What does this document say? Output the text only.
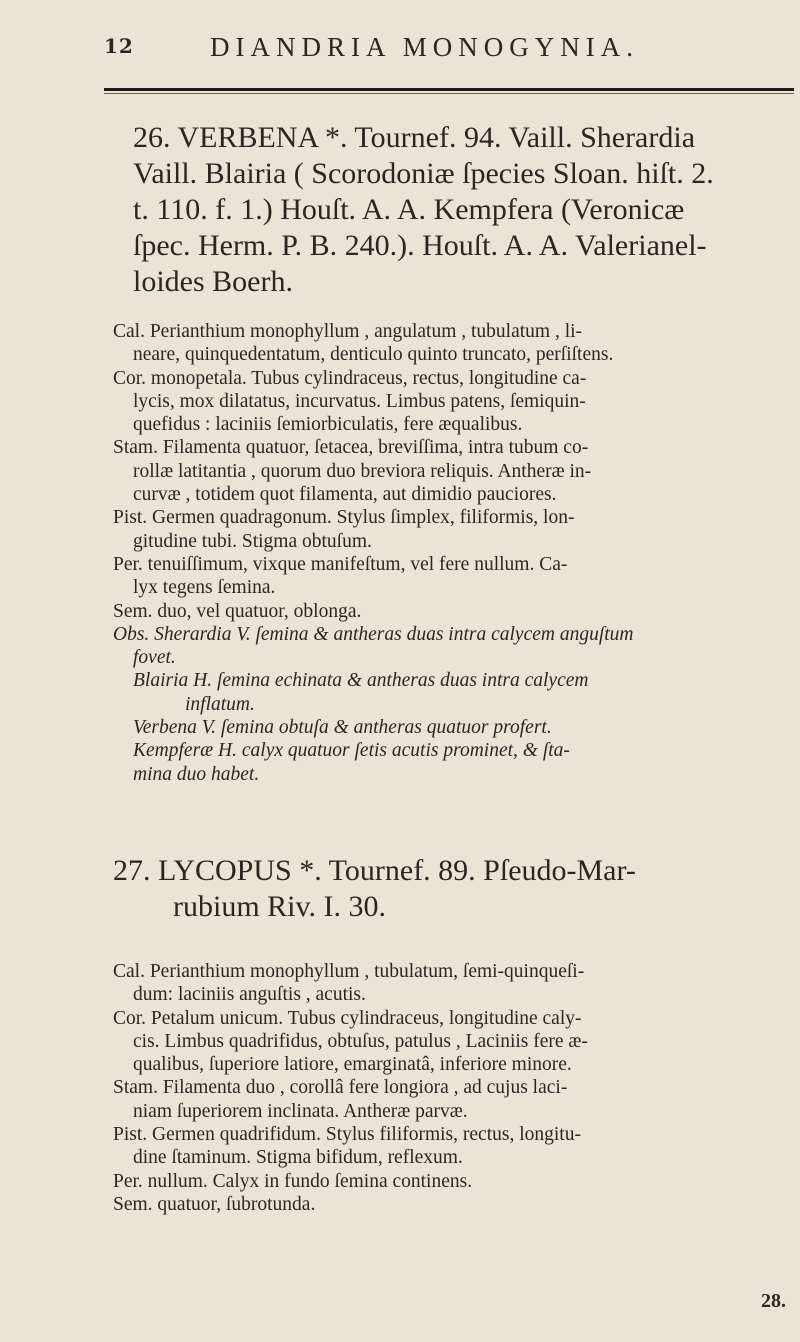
12	DIANDRIA MONOGYNIA.
26. VERBENA *. Tournef. 94. Vaill. Sherardia
Vaill. Blairia ( Scorodoniæ ſpecies Sloan. hiſt. 2.
t. 110. f. 1.) Houſt. A. A. Kempfera (Veronicæ
ſpec. Herm. P. B. 240.). Houſt. A. A. Valerianel-
loides Boerh.
Cal. Perianthium monophyllum , angulatum , tubulatum , li-
neare, quinquedentatum, denticulo quinto truncato, perſiſtens.
Cor. monopetala. Tubus cylindraceus, rectus, longitudine ca-
lycis, mox dilatatus, incurvatus. Limbus patens, ſemiquin-
quefidus : laciniis ſemiorbiculatis, fere æqualibus.
Stam. Filamenta quatuor, ſetacea, breviſſima, intra tubum co-
rollæ latitantia , quorum duo breviora reliquis. Antheræ in-
curvæ , totidem quot filamenta, aut dimidio pauciores.
Pist. Germen quadragonum. Stylus ſimplex, filiformis, lon-
gitudine tubi. Stigma obtuſum.
Per. tenuiſſimum, vixque manifeſtum, vel fere nullum. Ca-
lyx tegens ſemina.
Sem. duo, vel quatuor, oblonga.
Obs. Sherardia V. ſemina & antheras duas intra calycem anguſtum
fovet.
Blairia H. ſemina echinata & antheras duas intra calycem
inflatum.
Verbena V. ſemina obtuſa & antheras quatuor profert.
Kempferæ H. calyx quatuor ſetis acutis prominet, & ſta-
mina duo habet.
27. LYCOPUS *. Tournef. 89. Pſeudo-Mar-
rubium Riv. I. 30.
Cal. Perianthium monophyllum , tubulatum, ſemi-quinqueſi-
dum: laciniis anguſtis , acutis.
Cor. Petalum unicum. Tubus cylindraceus, longitudine caly-
cis. Limbus quadrifidus, obtuſus, patulus , Laciniis fere æ-
qualibus, ſuperiore latiore, emarginatâ, inferiore minore.
Stam. Filamenta duo , corollâ fere longiora , ad cujus laci-
niam ſuperiorem inclinata. Antheræ parvæ.
Pist. Germen quadrifidum. Stylus filiformis, rectus, longitu-
dine ſtaminum. Stigma bifidum, reflexum.
Per. nullum. Calyx in fundo ſemina continens.
Sem. quatuor, ſubrotunda.
28.
